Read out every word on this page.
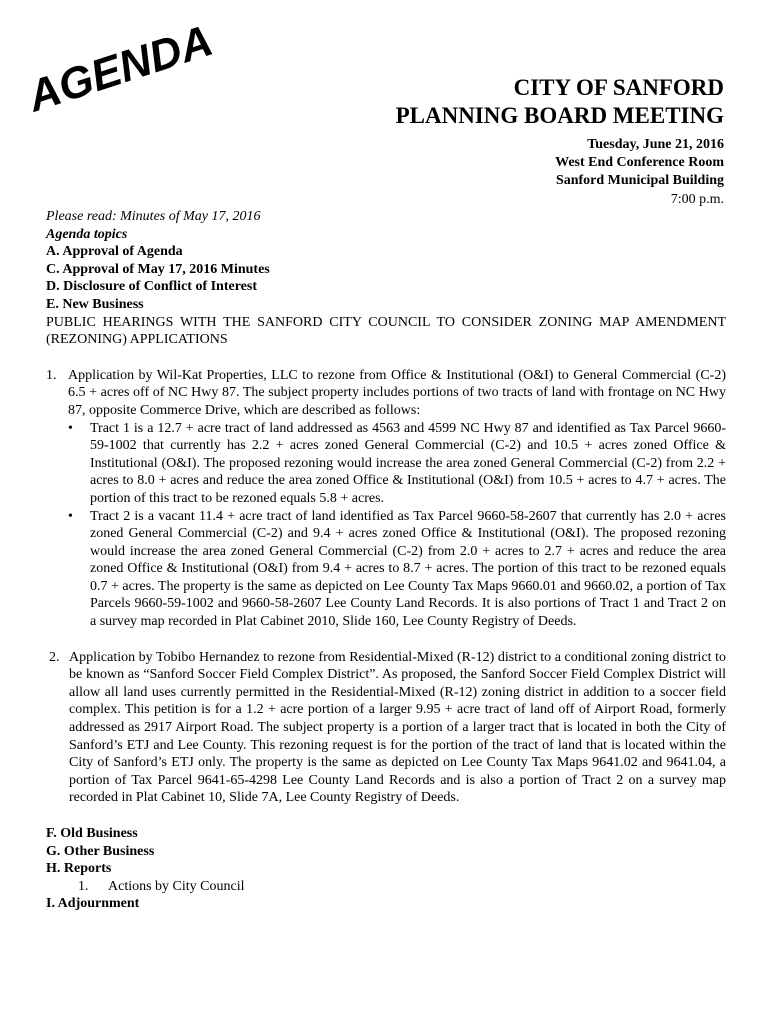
AGENDA	CITY OF SANFORD
PLANNING BOARD MEETING
Tuesday, June 21, 2016
West End Conference Room
Sanford Municipal Building
7:00 p.m.
Please read: Minutes of May 17, 2016
Agenda topics
A. Approval of Agenda
C. Approval of May 17, 2016 Minutes
D. Disclosure of Conflict of Interest
E. New Business
PUBLIC HEARINGS WITH THE SANFORD CITY COUNCIL TO CONSIDER ZONING MAP AMENDMENT (REZONING) APPLICATIONS
1. Application by Wil-Kat Properties, LLC to rezone from Office & Institutional (O&I) to General Commercial (C-2) 6.5 + acres off of NC Hwy 87. The subject property includes portions of two tracts of land with frontage on NC Hwy 87, opposite Commerce Drive, which are described as follows:
•	Tract 1 is a 12.7 + acre tract of land addressed as 4563 and 4599 NC Hwy 87 and identified as Tax Parcel 9660-59-1002 that currently has 2.2 + acres zoned General Commercial (C-2) and 10.5 + acres zoned Office & Institutional (O&I). The proposed rezoning would increase the area zoned General Commercial (C-2) from 2.2 + acres to 8.0 + acres and reduce the area zoned Office & Institutional (O&I) from 10.5 + acres to 4.7 + acres. The portion of this tract to be rezoned equals 5.8 + acres.
•	Tract 2 is a vacant 11.4 + acre tract of land identified as Tax Parcel 9660-58-2607 that currently has 2.0 + acres zoned General Commercial (C-2) and 9.4 + acres zoned Office & Institutional (O&I). The proposed rezoning would increase the area zoned General Commercial (C-2) from 2.0 + acres to 2.7 + acres and reduce the area zoned Office & Institutional (O&I) from 9.4 + acres to 8.7 + acres. The portion of this tract to be rezoned equals 0.7 + acres. The property is the same as depicted on Lee County Tax Maps 9660.01 and 9660.02, a portion of Tax Parcels 9660-59-1002 and 9660-58-2607 Lee County Land Records. It is also portions of Tract 1 and Tract 2 on a survey map recorded in Plat Cabinet 2010, Slide 160, Lee County Registry of Deeds.
2. Application by Tobibo Hernandez to rezone from Residential-Mixed (R-12) district to a conditional zoning district to be known as “Sanford Soccer Field Complex District”. As proposed, the Sanford Soccer Field Complex District will allow all land uses currently permitted in the Residential-Mixed (R-12) zoning district in addition to a soccer field complex. This petition is for a 1.2 + acre portion of a larger 9.95 + acre tract of land off of Airport Road, formerly addressed as 2917 Airport Road. The subject property is a portion of a larger tract that is located in both the City of Sanford’s ETJ and Lee County. This rezoning request is for the portion of the tract of land that is located within the City of Sanford’s ETJ only. The property is the same as depicted on Lee County Tax Maps 9641.02 and 9641.04, a portion of Tax Parcel 9641-65-4298 Lee County Land Records and is also a portion of Tract 2 on a survey map recorded in Plat Cabinet 10, Slide 7A, Lee County Registry of Deeds.
F. Old Business
G. Other Business
H. Reports
1. Actions by City Council
I. Adjournment
